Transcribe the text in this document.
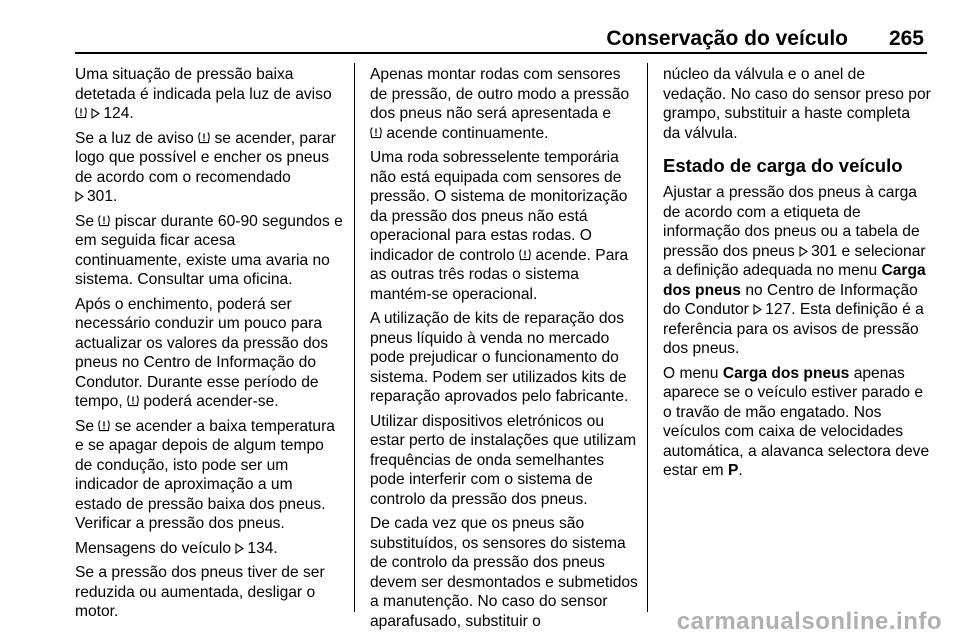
Conservação do veículo 265

Uma situação de pressão baixa detetada é indicada pela luz de aviso  124.

Se a luz de aviso se acender, parar logo que possível e encher os pneus de acordo com o recomendado
301.

Se piscar durante 60-90 segundos e em seguida ficar acesa continuamente, existe uma avaria no sistema. Consultar uma oficina.

Após o enchimento, poderá ser necessário conduzir um pouco para actualizar os valores da pressão dos pneus no Centro de Informação do Condutor. Durante esse período de tempo, poderá acender-se.

Se se acender a baixa temperatura e se apagar depois de algum tempo de condução, isto pode ser um indicador de aproximação a um estado de pressão baixa dos pneus. Verificar a pressão dos pneus.

Mensagens do veículo 134.

Se a pressão dos pneus tiver de ser reduzida ou aumentada, desligar o motor.

Apenas montar rodas com sensores de pressão, de outro modo a pressão dos pneus não será apresentada e
acende continuamente.

Uma roda sobresselente temporária não está equipada com sensores de pressão. O sistema de monitorização da pressão dos pneus não está operacional para estas rodas. O indicador de controlo acende. Para as outras três rodas o sistema mantém-se operacional.

A utilização de kits de reparação dos pneus líquido à venda no mercado pode prejudicar o funcionamento do sistema. Podem ser utilizados kits de reparação aprovados pelo fabricante.

Utilizar dispositivos eletrónicos ou estar perto de instalações que utilizam frequências de onda semelhantes pode interferir com o sistema de controlo da pressão dos pneus.

De cada vez que os pneus são substituídos, os sensores do sistema de controlo da pressão dos pneus devem ser desmontados e submetidos a manutenção. No caso do sensor aparafusado, substituir o

núcleo da válvula e o anel de vedação. No caso do sensor preso por grampo, substituir a haste completa da válvula.

Estado de carga do veículo

Ajustar a pressão dos pneus à carga de acordo com a etiqueta de informação dos pneus ou a tabela de pressão dos pneus 301 e selecionar a definição adequada no menu Carga dos pneus no Centro de Informação do Condutor 127. Esta definição é a referência para os avisos de pressão dos pneus.

O menu Carga dos pneus apenas aparece se o veículo estiver parado e o travão de mão engatado. Nos veículos com caixa de velocidades automática, a alavanca selectora deve estar em P.

carmanualsonline.info
